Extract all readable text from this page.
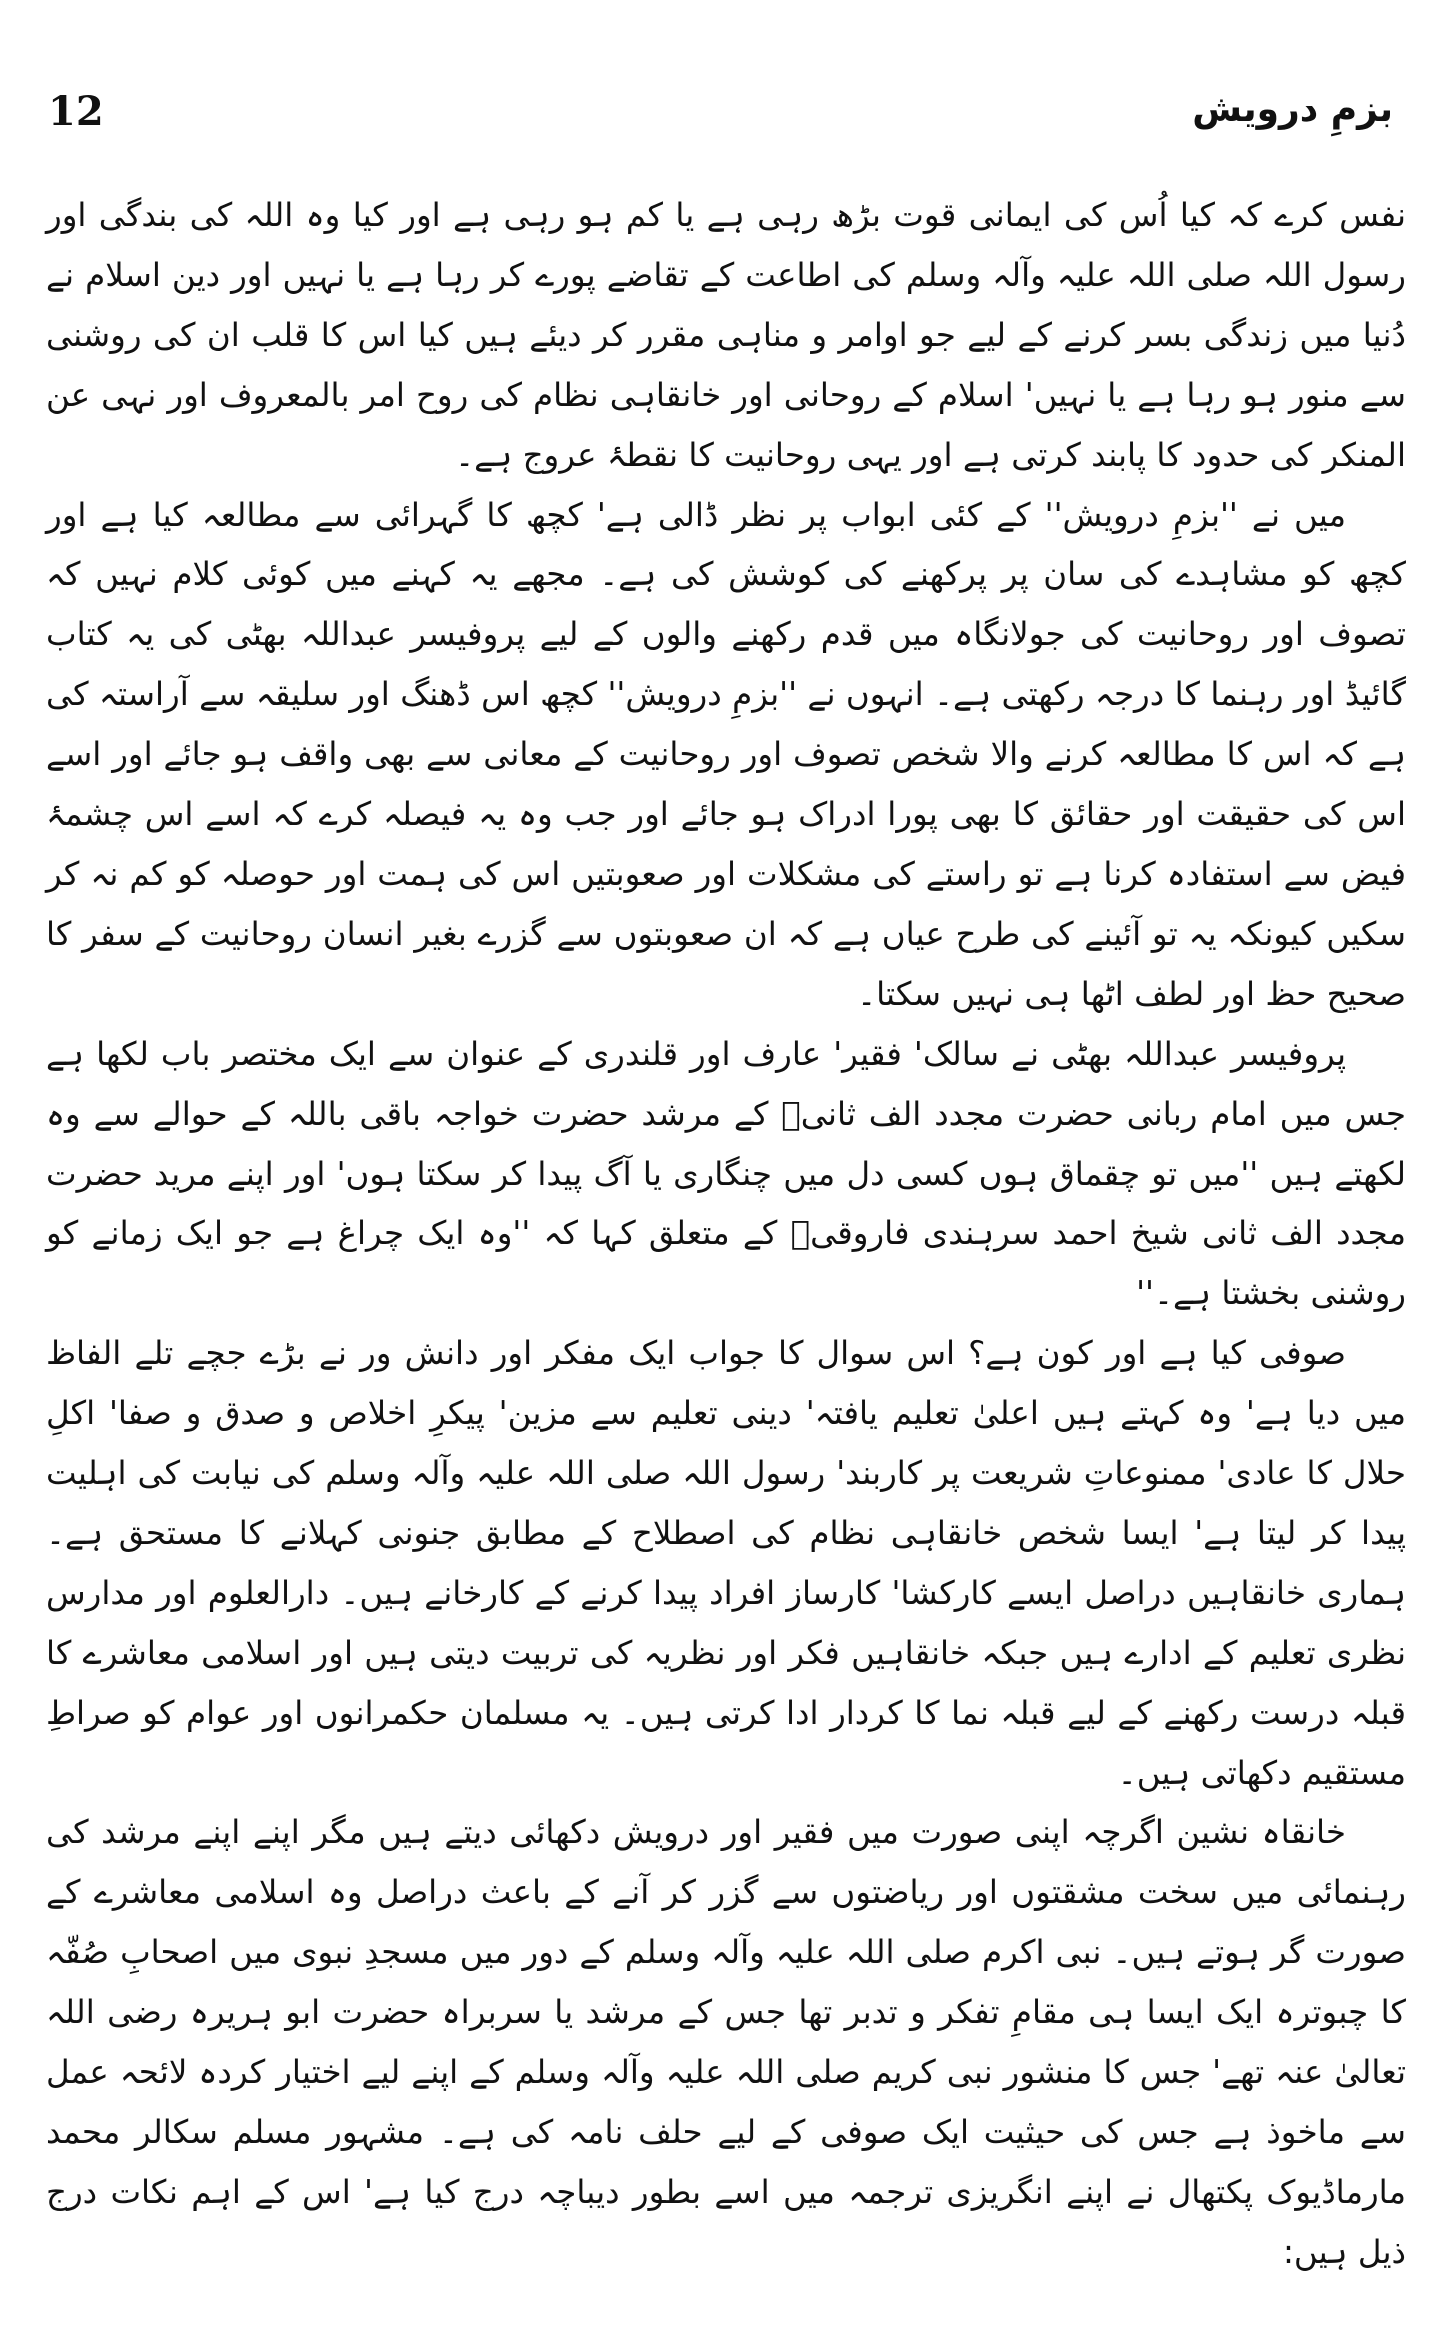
12	بزمِ درویش

نفس کرے کہ کیا اُس کی ایمانی قوت بڑھ رہی ہے یا کم ہو رہی ہے اور کیا وہ اللہ کی بندگی اور رسول اللہ صلی اللہ علیہ وآلہ وسلم کی اطاعت کے تقاضے پورے کر رہا ہے یا نہیں اور دین اسلام نے دُنیا میں زندگی بسر کرنے کے لیے جو اوامر و مناہی مقرر کر دیئے ہیں کیا اس کا قلب ان کی روشنی سے منور ہو رہا ہے یا نہیں' اسلام کے روحانی اور خانقاہی نظام کی روح امر بالمعروف اور نہی عن المنکر کی حدود کا پابند کرتی ہے اور یہی روحانیت کا نقطۂ عروج ہے۔

میں نے ''بزمِ درویش'' کے کئی ابواب پر نظر ڈالی ہے' کچھ کا گہرائی سے مطالعہ کیا ہے اور کچھ کو مشاہدے کی سان پر پرکھنے کی کوشش کی ہے۔ مجھے یہ کہنے میں کوئی کلام نہیں کہ تصوف اور روحانیت کی جولانگاہ میں قدم رکھنے والوں کے لیے پروفیسر عبداللہ بھٹی کی یہ کتاب گائیڈ اور رہنما کا درجہ رکھتی ہے۔ انہوں نے ''بزمِ درویش'' کچھ اس ڈھنگ اور سلیقہ سے آراستہ کی ہے کہ اس کا مطالعہ کرنے والا شخص تصوف اور روحانیت کے معانی سے بھی واقف ہو جائے اور اسے اس کی حقیقت اور حقائق کا بھی پورا ادراک ہو جائے اور جب وہ یہ فیصلہ کرے کہ اسے اس چشمۂ فیض سے استفادہ کرنا ہے تو راستے کی مشکلات اور صعوبتیں اس کی ہمت اور حوصلہ کو کم نہ کر سکیں کیونکہ یہ تو آئینے کی طرح عیاں ہے کہ ان صعوبتوں سے گزرے بغیر انسان روحانیت کے سفر کا صحیح حظ اور لطف اٹھا ہی نہیں سکتا۔

پروفیسر عبداللہ بھٹی نے سالک' فقیر' عارف اور قلندری کے عنوان سے ایک مختصر باب لکھا ہے جس میں امام ربانی حضرت مجدد الف ثانیؒ کے مرشد حضرت خواجہ باقی باللہ کے حوالے سے وہ لکھتے ہیں ''میں تو چقماق ہوں کسی دل میں چنگاری یا آگ پیدا کر سکتا ہوں' اور اپنے مرید حضرت مجدد الف ثانی شیخ احمد سرہندی فاروقیؒ کے متعلق کہا کہ ''وہ ایک چراغ ہے جو ایک زمانے کو روشنی بخشتا ہے۔''

صوفی کیا ہے اور کون ہے؟ اس سوال کا جواب ایک مفکر اور دانش ور نے بڑے جچے تلے الفاظ میں دیا ہے' وہ کہتے ہیں اعلیٰ تعلیم یافتہ' دینی تعلیم سے مزین' پیکرِ اخلاص و صدق و صفا' اکلِ حلال کا عادی' ممنوعاتِ شریعت پر کاربند' رسول اللہ صلی اللہ علیہ وآلہ وسلم کی نیابت کی اہلیت پیدا کر لیتا ہے' ایسا شخص خانقاہی نظام کی اصطلاح کے مطابق جنونی کہلانے کا مستحق ہے۔ ہماری خانقاہیں دراصل ایسے کارکشا' کارساز افراد پیدا کرنے کے کارخانے ہیں۔ دارالعلوم اور مدارس نظری تعلیم کے ادارے ہیں جبکہ خانقاہیں فکر اور نظریہ کی تربیت دیتی ہیں اور اسلامی معاشرے کا قبلہ درست رکھنے کے لیے قبلہ نما کا کردار ادا کرتی ہیں۔ یہ مسلمان حکمرانوں اور عوام کو صراطِ مستقیم دکھاتی ہیں۔

خانقاہ نشین اگرچہ اپنی صورت میں فقیر اور درویش دکھائی دیتے ہیں مگر اپنے اپنے مرشد کی رہنمائی میں سخت مشقتوں اور ریاضتوں سے گزر کر آنے کے باعث دراصل وہ اسلامی معاشرے کے صورت گر ہوتے ہیں۔ نبی اکرم صلی اللہ علیہ وآلہ وسلم کے دور میں مسجدِ نبوی میں اصحابِ صُفّہ کا چبوترہ ایک ایسا ہی مقامِ تفکر و تدبر تھا جس کے مرشد یا سربراہ حضرت ابو ہریرہ رضی اللہ تعالیٰ عنہ تھے' جس کا منشور نبی کریم صلی اللہ علیہ وآلہ وسلم کے اپنے لیے اختیار کردہ لائحہ عمل سے ماخوذ ہے جس کی حیثیت ایک صوفی کے لیے حلف نامہ کی ہے۔ مشہور مسلم سکالر محمد مارماڈیوک پکتھال نے اپنے انگریزی ترجمہ میں اسے بطور دیباچہ درج کیا ہے' اس کے اہم نکات درج ذیل ہیں:
